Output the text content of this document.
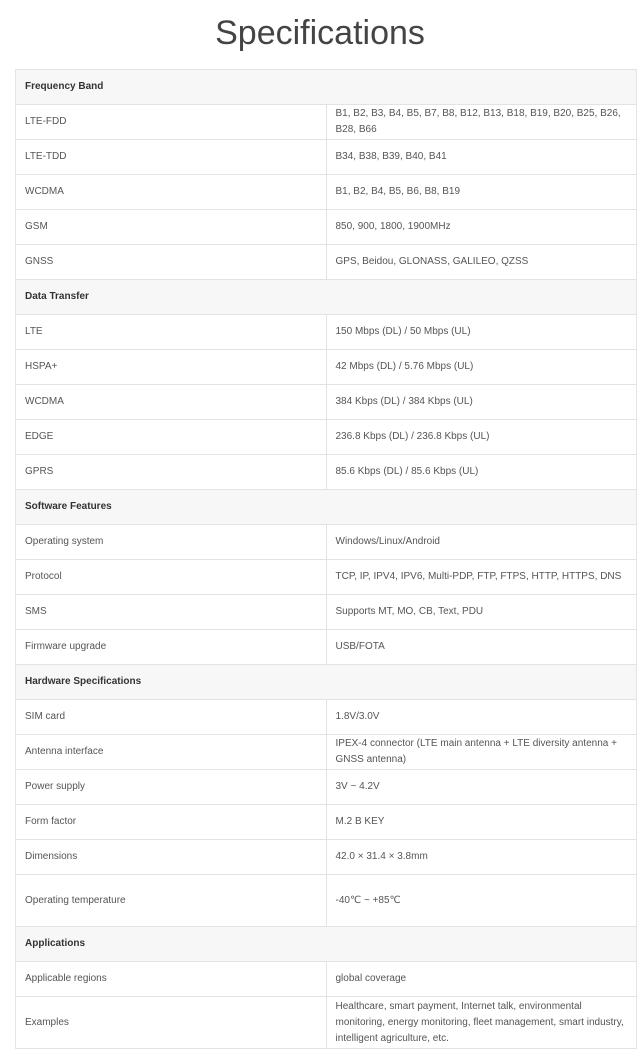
Specifications
Frequency Band	
LTE-FDD	B1, B2, B3, B4, B5, B7, B8, B12, B13, B18, B19, B20, B25, B26, B28, B66
LTE-TDD	B34, B38, B39, B40, B41
WCDMA	B1, B2, B4, B5, B6, B8, B19
GSM	850, 900, 1800, 1900MHz
GNSS	GPS, Beidou, GLONASS, GALILEO, QZSS
Data Transfer	
LTE	150 Mbps (DL) / 50 Mbps (UL)
HSPA+	42 Mbps (DL) / 5.76 Mbps (UL)
WCDMA	384 Kbps (DL) / 384 Kbps (UL)
EDGE	236.8 Kbps (DL) / 236.8 Kbps (UL)
GPRS	85.6 Kbps (DL) / 85.6 Kbps (UL)
Software Features	
Operating system	Windows/Linux/Android
Protocol	TCP, IP, IPV4, IPV6, Multi-PDP, FTP, FTPS, HTTP, HTTPS, DNS
SMS	Supports MT, MO, CB, Text, PDU
Firmware upgrade	USB/FOTA
Hardware Specifications	
SIM card	1.8V/3.0V
Antenna interface	IPEX-4 connector (LTE main antenna + LTE diversity antenna + GNSS antenna)
Power supply	3V ~ 4.2V
Form factor	M.2 B KEY
Dimensions	42.0 × 31.4 × 3.8mm
Operating temperature	-40℃ ~ +85℃
Applications	
Applicable regions	global coverage
Examples	Healthcare, smart payment, Internet talk, environmental monitoring, energy monitoring, fleet management, smart industry, intelligent agriculture, etc.
